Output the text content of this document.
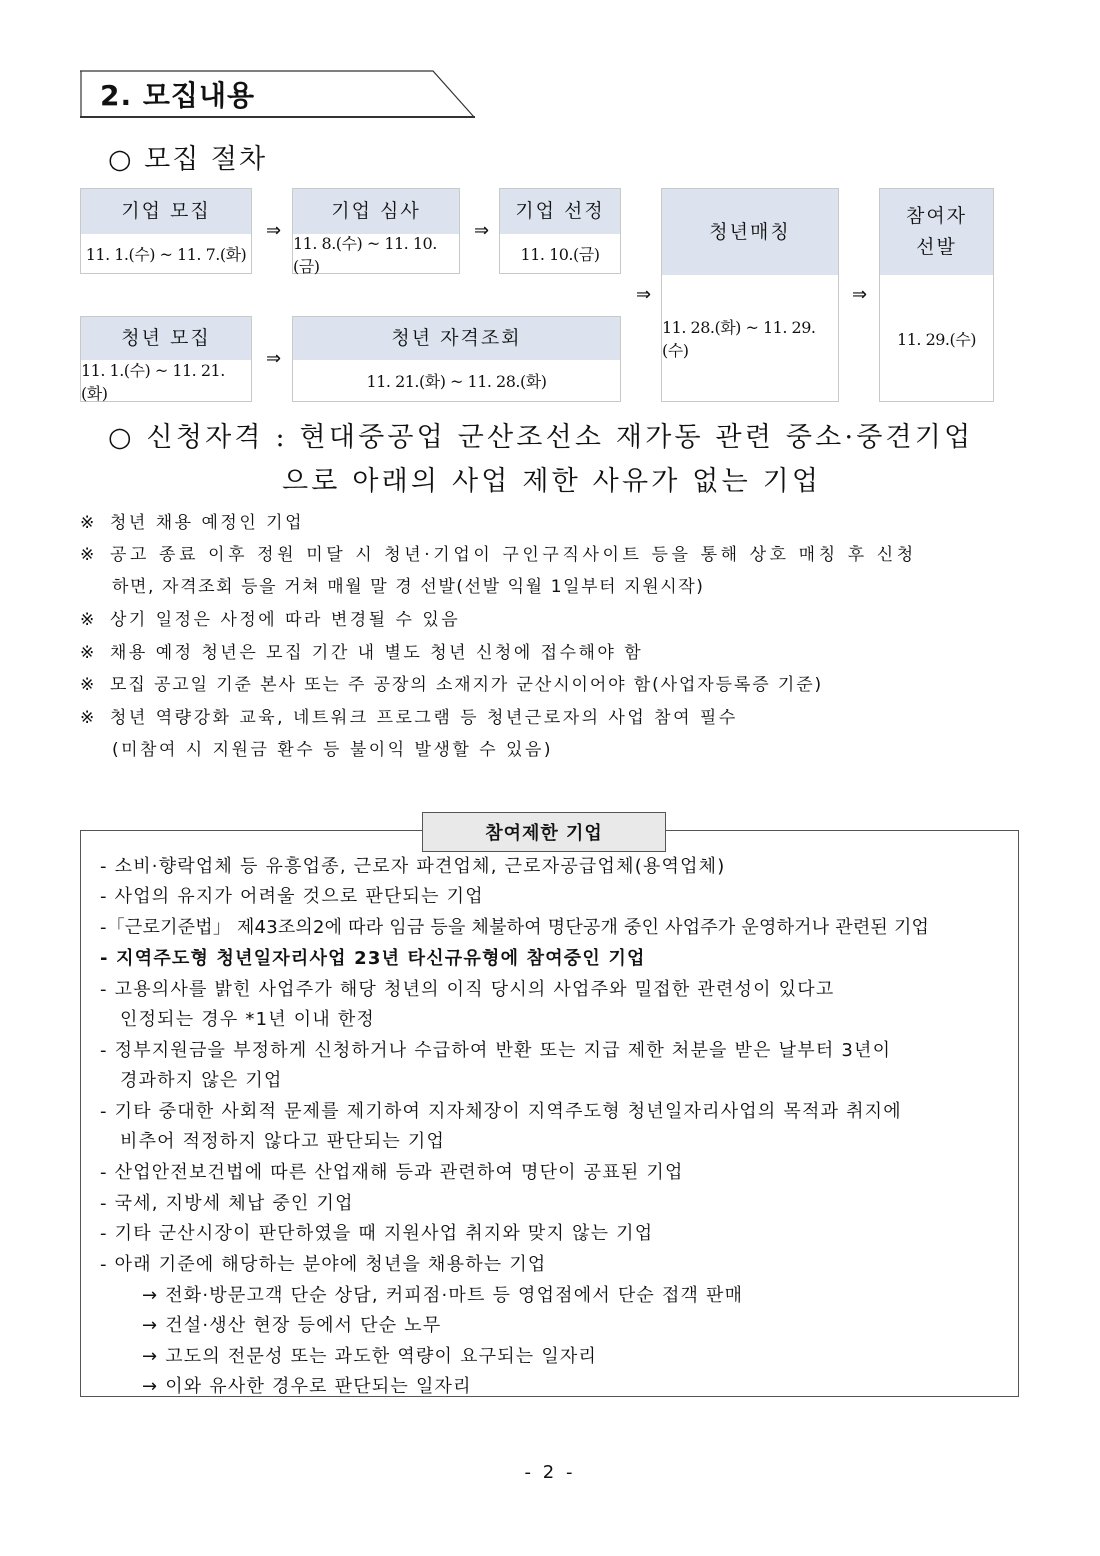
2. 모집내용
○ 모집 절차
기업 모집
11. 1.(수) ~ 11. 7.(화)
⇒
기업 심사
11. 8.(수) ~ 11. 10.(금)
⇒
기업 선정
11. 10.(금)
청년 모집
11. 1.(수) ~ 11. 21.(화)
⇒
청년 자격조회
11. 21.(화) ~ 11. 28.(화)
⇒
청년매칭
11. 28.(화) ~ 11. 29.(수)
⇒
참여자
선발
11. 29.(수)
○ 신청자격 : 현대중공업 군산조선소 재가동 관련 중소·중견기업
으로 아래의 사업 제한 사유가 없는 기업
※ 청년 채용 예정인 기업
※ 공고 종료 이후 정원 미달 시 청년·기업이 구인구직사이트 등을 통해 상호 매칭 후 신청
하면, 자격조회 등을 거쳐 매월 말 경 선발(선발 익월 1일부터 지원시작)
※ 상기 일정은 사정에 따라 변경될 수 있음
※ 채용 예정 청년은 모집 기간 내 별도 청년 신청에 접수해야 함
※ 모집 공고일 기준 본사 또는 주 공장의 소재지가 군산시이어야 함(사업자등록증 기준)
※ 청년 역량강화 교육, 네트워크 프로그램 등 청년근로자의 사업 참여 필수
(미참여 시 지원금 환수 등 불이익 발생할 수 있음)
참여제한 기업
- 소비·향락업체 등 유흥업종, 근로자 파견업체, 근로자공급업체(용역업체)
- 사업의 유지가 어려울 것으로 판단되는 기업
-「근로기준법」 제43조의2에 따라 임금 등을 체불하여 명단공개 중인 사업주가 운영하거나 관련된 기업
- 지역주도형 청년일자리사업 23년 타신규유형에 참여중인 기업
- 고용의사를 밝힌 사업주가 해당 청년의 이직 당시의 사업주와 밀접한 관련성이 있다고
인정되는 경우 *1년 이내 한정
- 정부지원금을 부정하게 신청하거나 수급하여 반환 또는 지급 제한 처분을 받은 날부터 3년이
경과하지 않은 기업
- 기타 중대한 사회적 문제를 제기하여 지자체장이 지역주도형 청년일자리사업의 목적과 취지에
비추어 적정하지 않다고 판단되는 기업
- 산업안전보건법에 따른 산업재해 등과 관련하여 명단이 공표된 기업
- 국세, 지방세 체납 중인 기업
- 기타 군산시장이 판단하였을 때 지원사업 취지와 맞지 않는 기업
- 아래 기준에 해당하는 분야에 청년을 채용하는 기업
→ 전화·방문고객 단순 상담, 커피점·마트 등 영업점에서 단순 접객 판매
→ 건설·생산 현장 등에서 단순 노무
→ 고도의 전문성 또는 과도한 역량이 요구되는 일자리
→ 이와 유사한 경우로 판단되는 일자리
- 2 -
